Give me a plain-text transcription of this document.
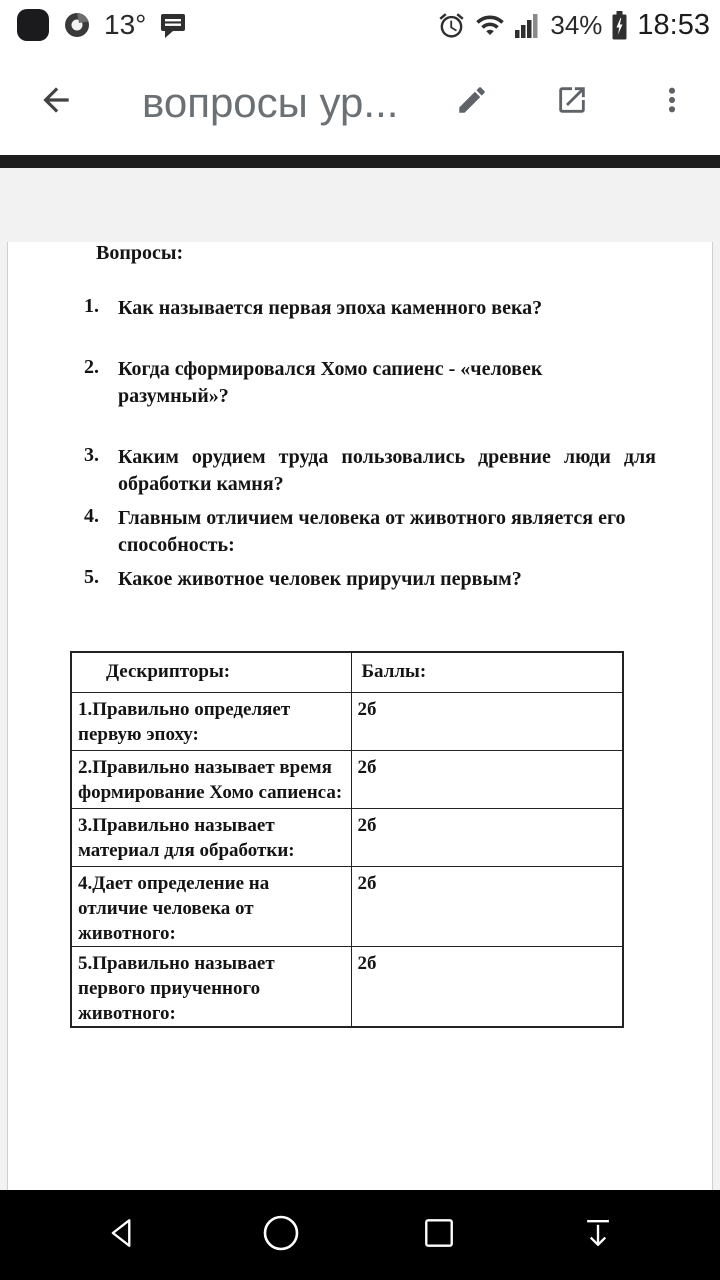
13°	34% 18:53
вопросы ур...

Вопросы:

1. Как называется первая эпоха каменного века?
2. Когда сформировался Хомо сапиенс - «человек разумный»?
3. Каким орудием труда пользовались древние люди для обработки камня?
4. Главным отличием человека от животного является его способность:
5. Какое животное человек приручил первым?
Дескрипторы:	Баллы:
1.Правильно определяет первую эпоху:	2б
2.Правильно называет время формирование Хомо сапиенса:	2б
3.Правильно называет материал для обработки:	2б
4.Дает определение на отличие человека от животного:	2б
5.Правильно называет первого приученного животного:	2б
